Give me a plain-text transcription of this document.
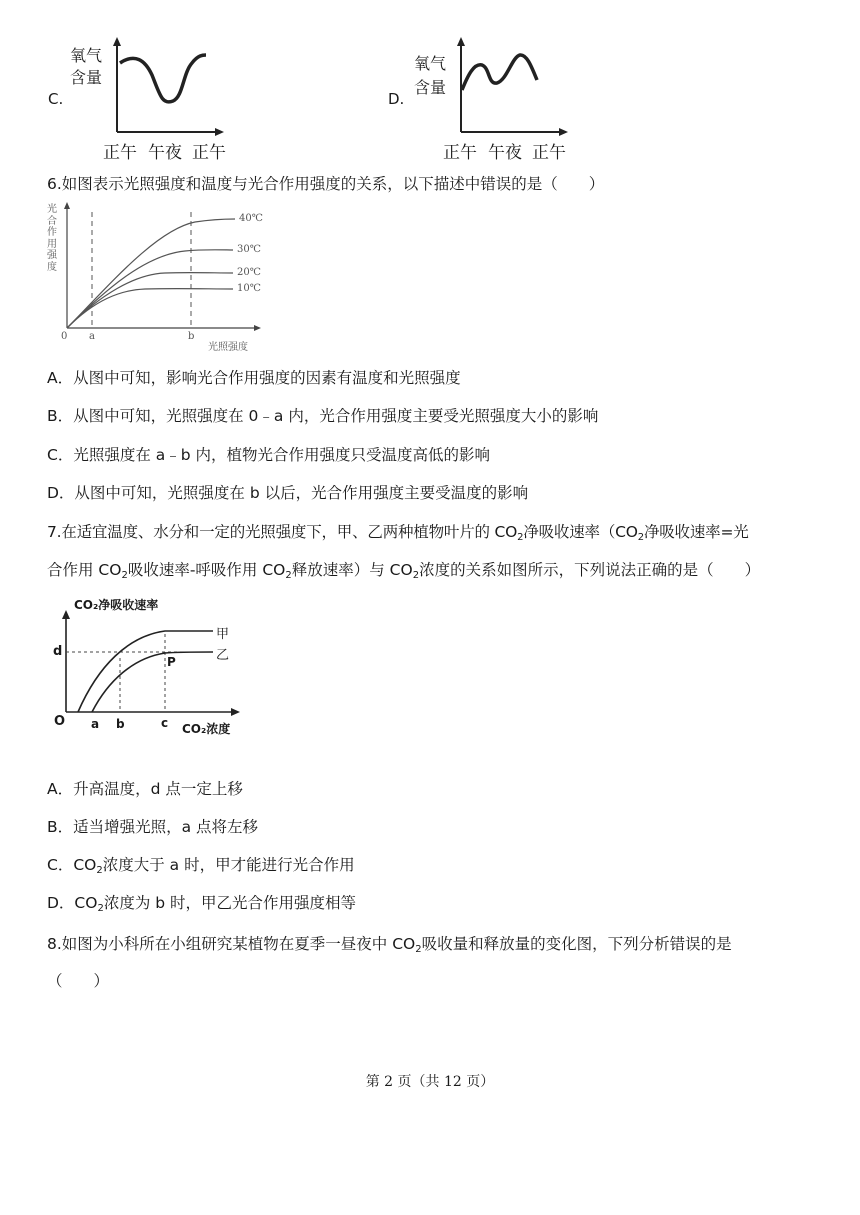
C.
氧气
含量
正午 午夜 正午
D.
氧气
含量
正午 午夜 正午
6.如图表示光照强度和温度与光合作用强度的关系，以下描述中错误的是（　　）
光
合
作
用
强
度
40℃
30℃
20℃
10℃
0 a	b
光照强度
A．从图中可知，影响光合作用强度的因素有温度和光照强度
B．从图中可知，光照强度在 0﹣a 内，光合作用强度主要受光照强度大小的影响
C．光照强度在 a﹣b 内，植物光合作用强度只受温度高低的影响
D．从图中可知，光照强度在 b 以后，光合作用强度主要受温度的影响
7.在适宜温度、水分和一定的光照强度下，甲、乙两种植物叶片的 $CO_2$净吸收速率（$CO_2$净吸收速率=光
合作用 $CO_2$吸收速率-呼吸作用 $CO_2$释放速率）与 $CO_2$浓度的关系如图所示，下列说法正确的是（　　）
CO₂净吸收速率
d
甲
乙
P
O a b	c CO₂浓度
A．升高温度，d 点一定上移
B．适当增强光照，a 点将左移
C．$CO_2$浓度大于 a 时，甲才能进行光合作用
D．$CO_2$浓度为 b 时，甲乙光合作用强度相等
8.如图为小科所在小组研究某植物在夏季一昼夜中 $CO_2$吸收量和释放量的变化图，下列分析错误的是
（　　）
第 2 页（共 12 页）
